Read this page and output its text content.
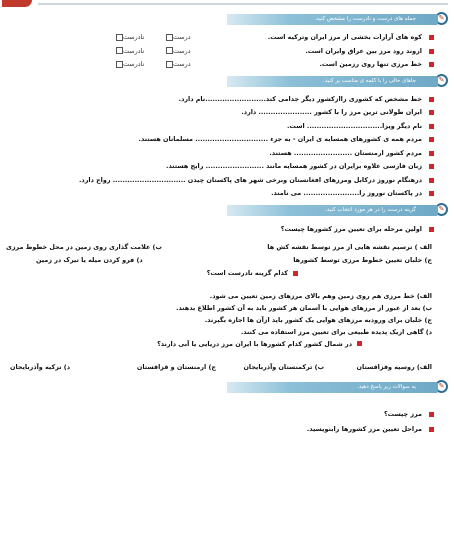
✎
جمله های درست و نادرست را مشخص کنید.
کوه های آرارات بخشی از مرز ایران وترکیه است.
درست
نادرست
اروند رود مرز بین عراق وایران است.
درست
نادرست
خط مرزی تنها روی رزمین است.
درست
نادرست
✎
جاهای خالی را با کلمه ی مناسب پر کنید.
خط مشخص که کشوری راازکشور دیگر جدامی کند.........................نام دارد.
ایران طولانی ترین مرز را با کشور ...................... دارد.
نام دیگر ویزا............................... است.
مردم همه ی کشورهای همسایه ی ایران - به جزء .............................. مسلمانان هستند.
مردم کشور ارمنستان ........................ هستند.
زبان فارسی علاوه برایران در کشور همسایه مانند ........................ رایج هستند.
درهنگام نوروز درکابل ومرزهای افغانستان وبرخی شهر های پاکستان چیدن .............................. رواج دارد.
در پاکستان نوروز را....................... می نامند.
✎
گزینه درست را در هر مورد انتخاب کنید.
اولین مرحله برای تعیین مرز کشورها چیست؟
الف ) ترسیم نقشه هایی از مرز توسط نقشه کش ها
ب) علامت گذاری روی زمین در محل خطوط مرزی
ج) خلبان تعیین خطوط مرزی توسط کشورها
د) فرو کردن میله یا تیرک در زمین
کدام گزینه نادرست است؟
الف) خط مرزی هم روی زمین وهم بالای مرزهای زمین تعیین می شود.
ب) بعد از عبور از مرزهای هوایی با آسمان هر کشور باید به آن کشور اطلاع بدهند.
ج) خلبان برای ورودبه مرزهای هوایی یک کشور باید ازآن ها اجازه بگیرند.
د) گاهی ازیک پدیده طبیعی برای تعیین مرز استفاده می کنند.
در شمال کشور کدام کشورها با ایران مرز دریایی یا آبی دارند؟
الف) روسیه وقزاقستان
ب) ترکمنستان وآذربایجان
ج) ارمنستان و قزاقستان
د) ترکیه وآذربایجان
✎
به سوالات زیر پاسخ دهید.
مرز چیست؟
مراحل تعیین مرز کشورها رابنویسید.
